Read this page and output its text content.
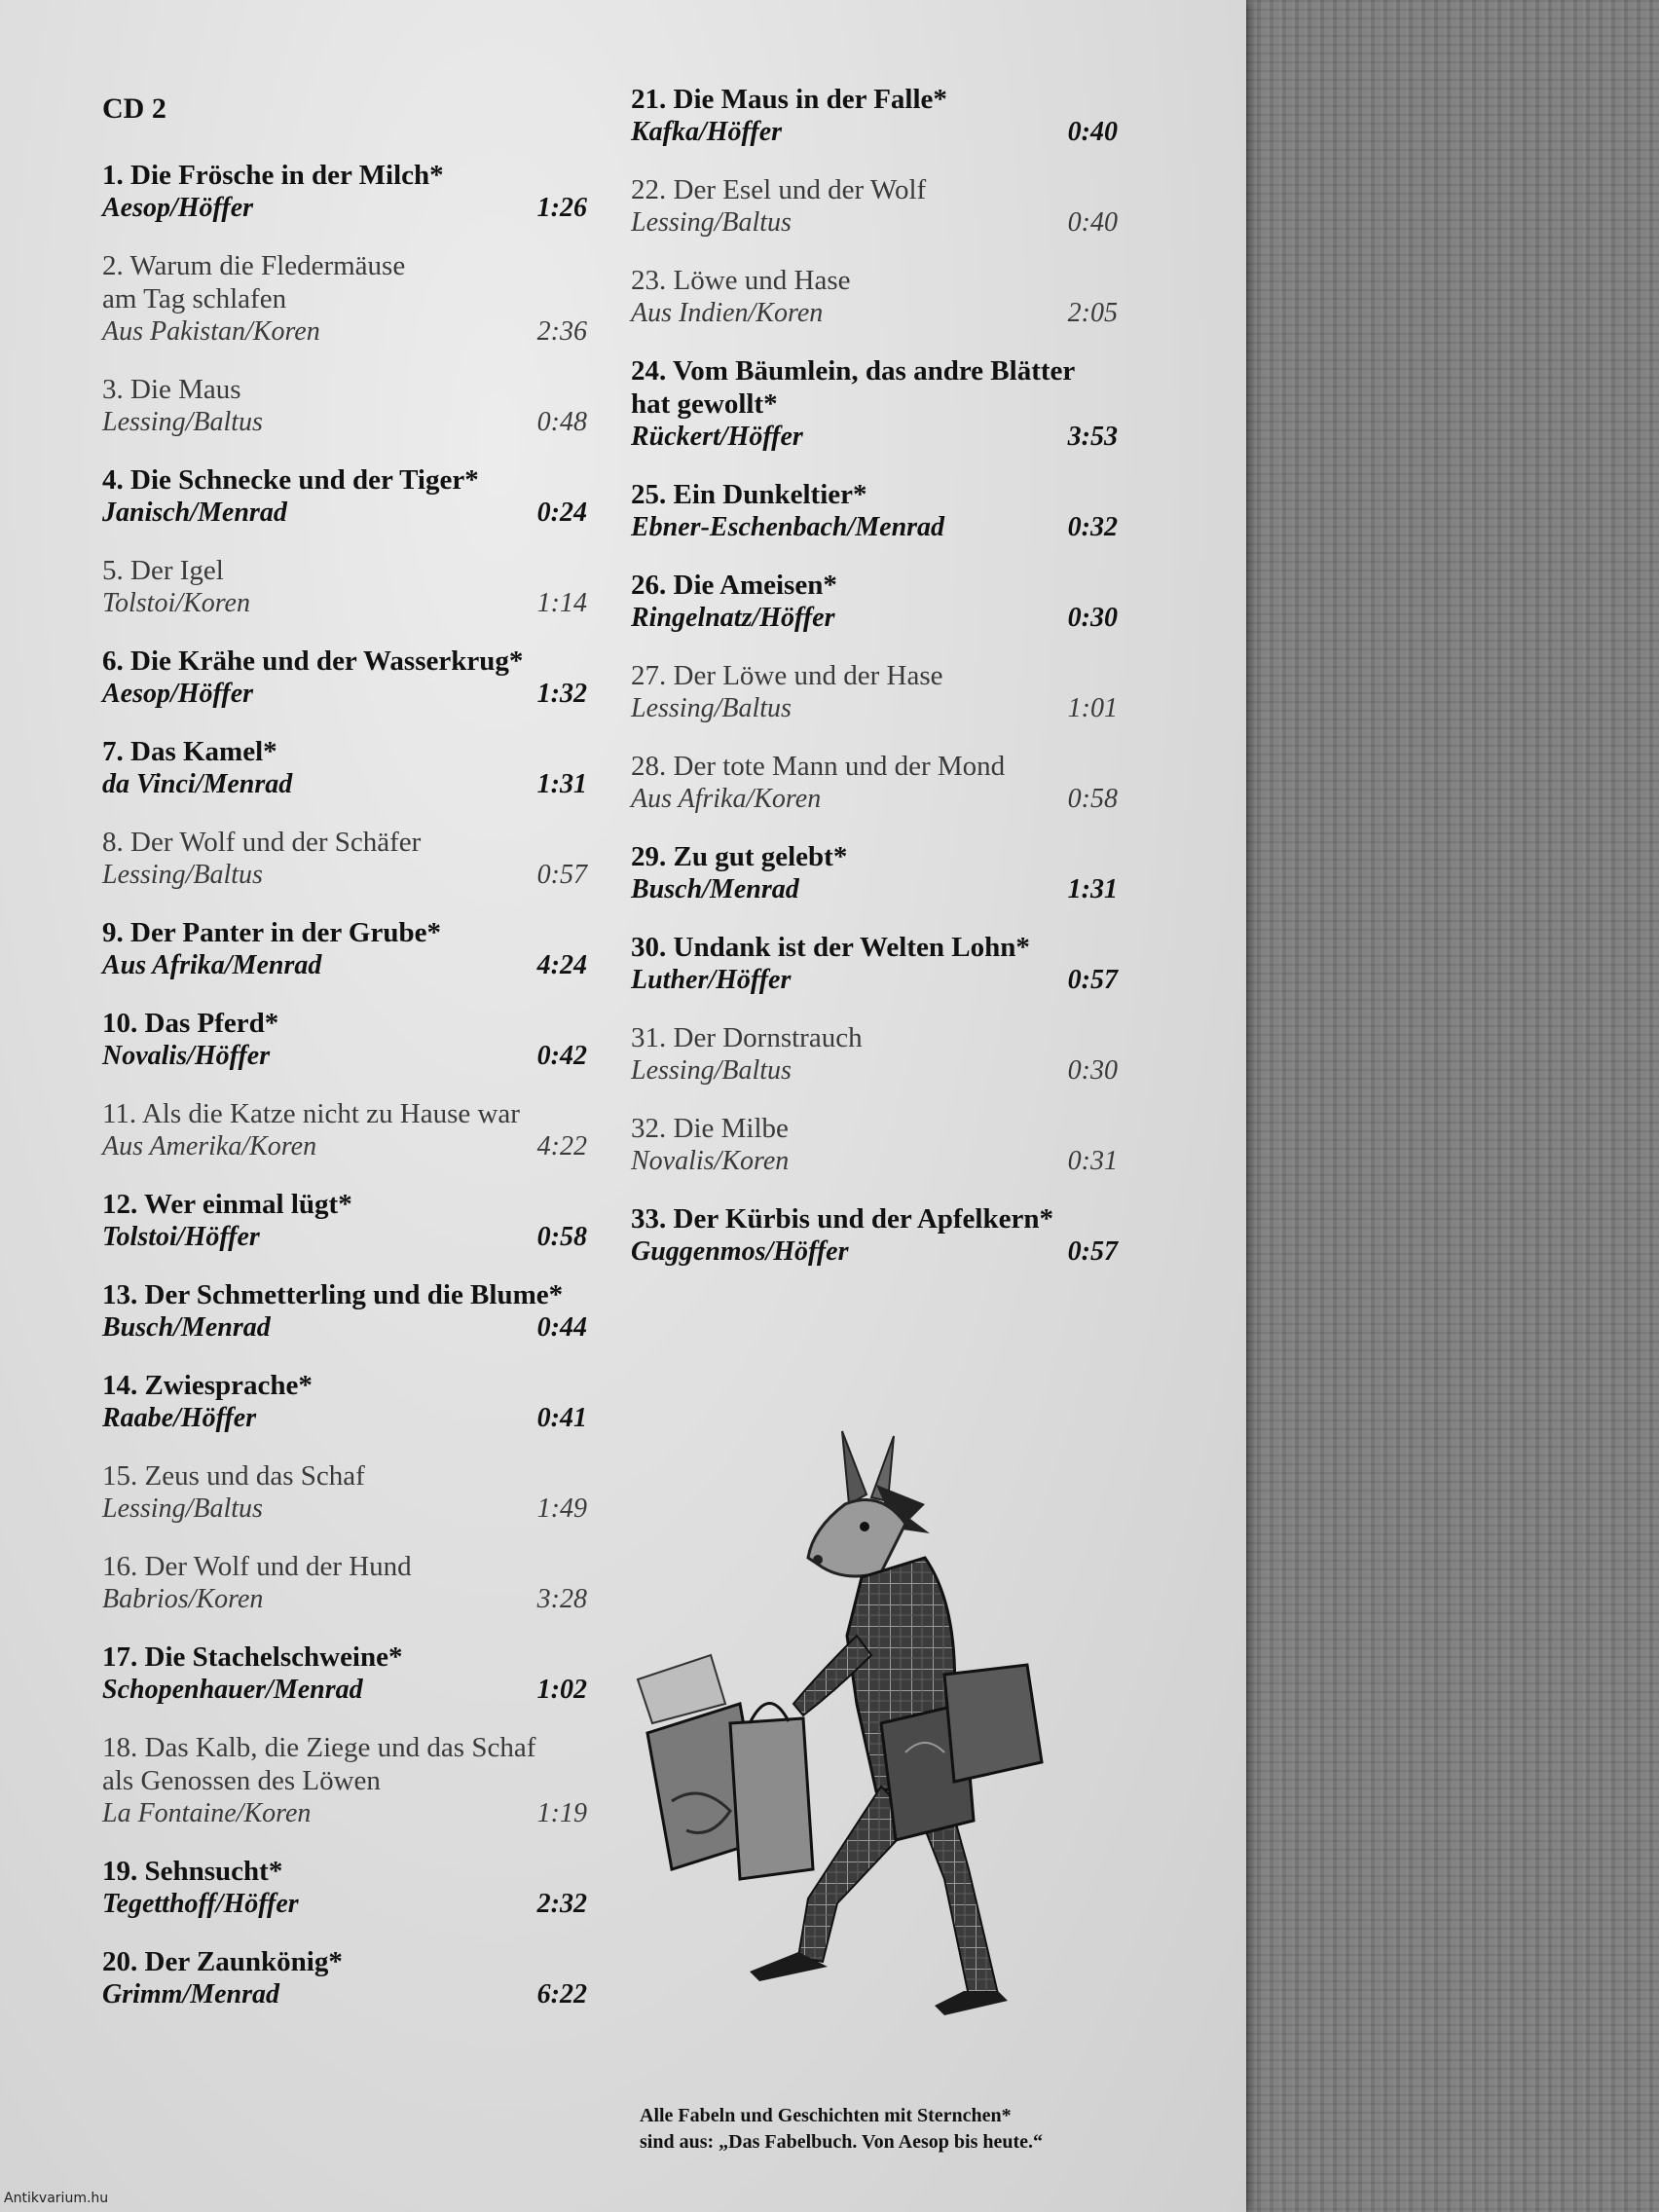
CD 2
1. Die Frösche in der Milch*
Aesop/Höffer	1:26
2. Warum die Fledermäuse
am Tag schlafen
Aus Pakistan/Koren	2:36
3. Die Maus
Lessing/Baltus	0:48
4. Die Schnecke und der Tiger*
Janisch/Menrad	0:24
5. Der Igel
Tolstoi/Koren	1:14
6. Die Krähe und der Wasserkrug*
Aesop/Höffer	1:32
7. Das Kamel*
da Vinci/Menrad	1:31
8. Der Wolf und der Schäfer
Lessing/Baltus	0:57
9. Der Panter in der Grube*
Aus Afrika/Menrad	4:24
10. Das Pferd*
Novalis/Höffer	0:42
11. Als die Katze nicht zu Hause war
Aus Amerika/Koren	4:22
12. Wer einmal lügt*
Tolstoi/Höffer	0:58
13. Der Schmetterling und die Blume*
Busch/Menrad	0:44
14. Zwiesprache*
Raabe/Höffer	0:41
15. Zeus und das Schaf
Lessing/Baltus	1:49
16. Der Wolf und der Hund
Babrios/Koren	3:28
17. Die Stachelschweine*
Schopenhauer/Menrad	1:02
18. Das Kalb, die Ziege und das Schaf
als Genossen des Löwen
La Fontaine/Koren	1:19
19. Sehnsucht*
Tegetthoff/Höffer	2:32
20. Der Zaunkönig*
Grimm/Menrad	6:22
21. Die Maus in der Falle*
Kafka/Höffer	0:40
22. Der Esel und der Wolf
Lessing/Baltus	0:40
23. Löwe und Hase
Aus Indien/Koren	2:05
24. Vom Bäumlein, das andre Blätter
hat gewollt*
Rückert/Höffer	3:53
25. Ein Dunkeltier*
Ebner-Eschenbach/Menrad	0:32
26. Die Ameisen*
Ringelnatz/Höffer	0:30
27. Der Löwe und der Hase
Lessing/Baltus	1:01
28. Der tote Mann und der Mond
Aus Afrika/Koren	0:58
29. Zu gut gelebt*
Busch/Menrad	1:31
30. Undank ist der Welten Lohn*
Luther/Höffer	0:57
31. Der Dornstrauch
Lessing/Baltus	0:30
32. Die Milbe
Novalis/Koren	0:31
33. Der Kürbis und der Apfelkern*
Guggenmos/Höffer	0:57
Alle Fabeln und Geschichten mit Sternchen*
sind aus: „Das Fabelbuch. Von Aesop bis heute.“
Antikvarium.hu
